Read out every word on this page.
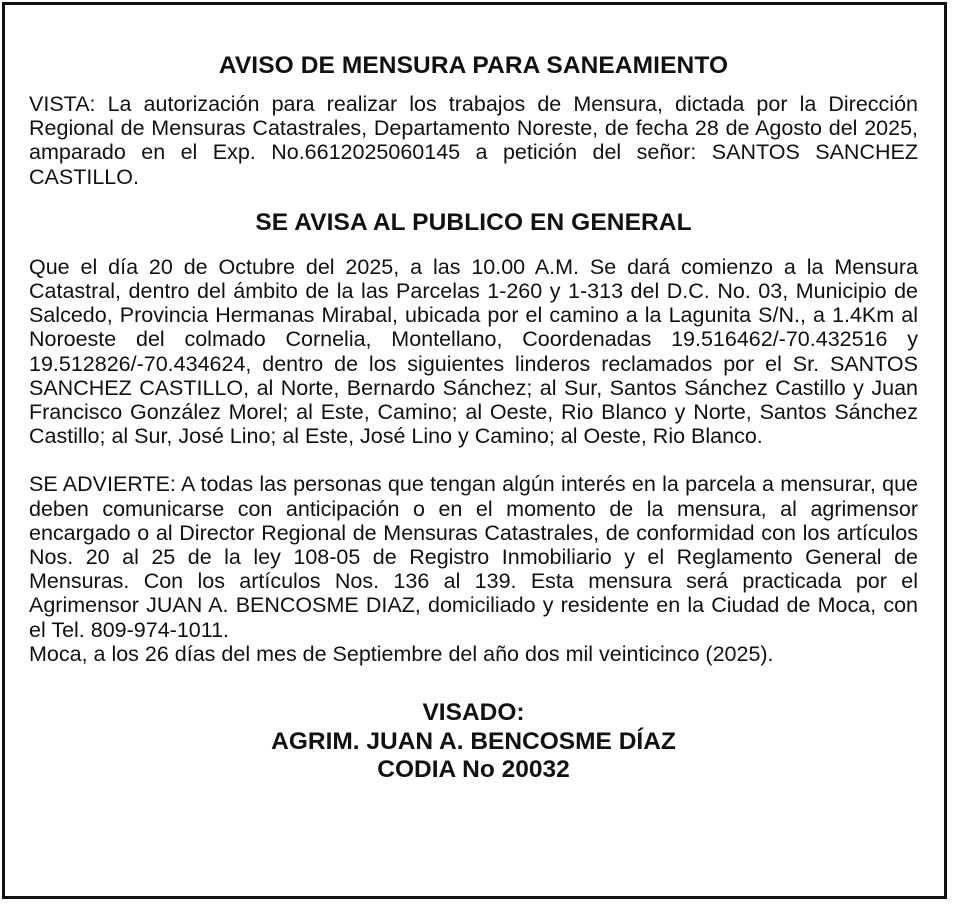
AVISO DE MENSURA PARA SANEAMIENTO

VISTA: La autorización para realizar los trabajos de Mensura, dictada por la Dirección Regional de Mensuras Catastrales, Departamento Noreste, de fecha 28 de Agosto del 2025, amparado en el Exp. No.6612025060145 a petición del señor: SANTOS SANCHEZ CASTILLO.

SE AVISA AL PUBLICO EN GENERAL

Que el día 20 de Octubre del 2025, a las 10.00 A.M. Se dará comienzo a la Mensura Catastral, dentro del ámbito de la las Parcelas 1-260 y 1-313 del D.C. No. 03, Municipio de Salcedo, Provincia Hermanas Mirabal, ubicada por el camino a la Lagunita S/N., a 1.4Km al Noroeste del colmado Cornelia, Montellano, Coordenadas 19.516462/-70.432516 y 19.512826/-70.434624, dentro de los siguientes linderos reclamados por el Sr. SANTOS SANCHEZ CASTILLO, al Norte, Bernardo Sánchez; al Sur, Santos Sánchez Castillo y Juan Francisco González Morel; al Este, Camino; al Oeste, Rio Blanco y Norte, Santos Sánchez Castillo; al Sur, José Lino; al Este, José Lino y Camino; al Oeste, Rio Blanco.

SE ADVIERTE: A todas las personas que tengan algún interés en la parcela a mensurar, que deben comunicarse con anticipación o en el momento de la mensura, al agrimensor encargado o al Director Regional de Mensuras Catastrales, de conformidad con los artículos Nos. 20 al 25 de la ley 108-05 de Registro Inmobiliario y el Reglamento General de Mensuras. Con los artículos Nos. 136 al 139. Esta mensura será practicada por el Agrimensor JUAN A. BENCOSME DIAZ, domiciliado y residente en la Ciudad de Moca, con el Tel. 809-974-1011.

Moca, a los 26 días del mes de Septiembre del año dos mil veinticinco (2025).

VISADO:
AGRIM. JUAN A. BENCOSME DÍAZ
CODIA No 20032
